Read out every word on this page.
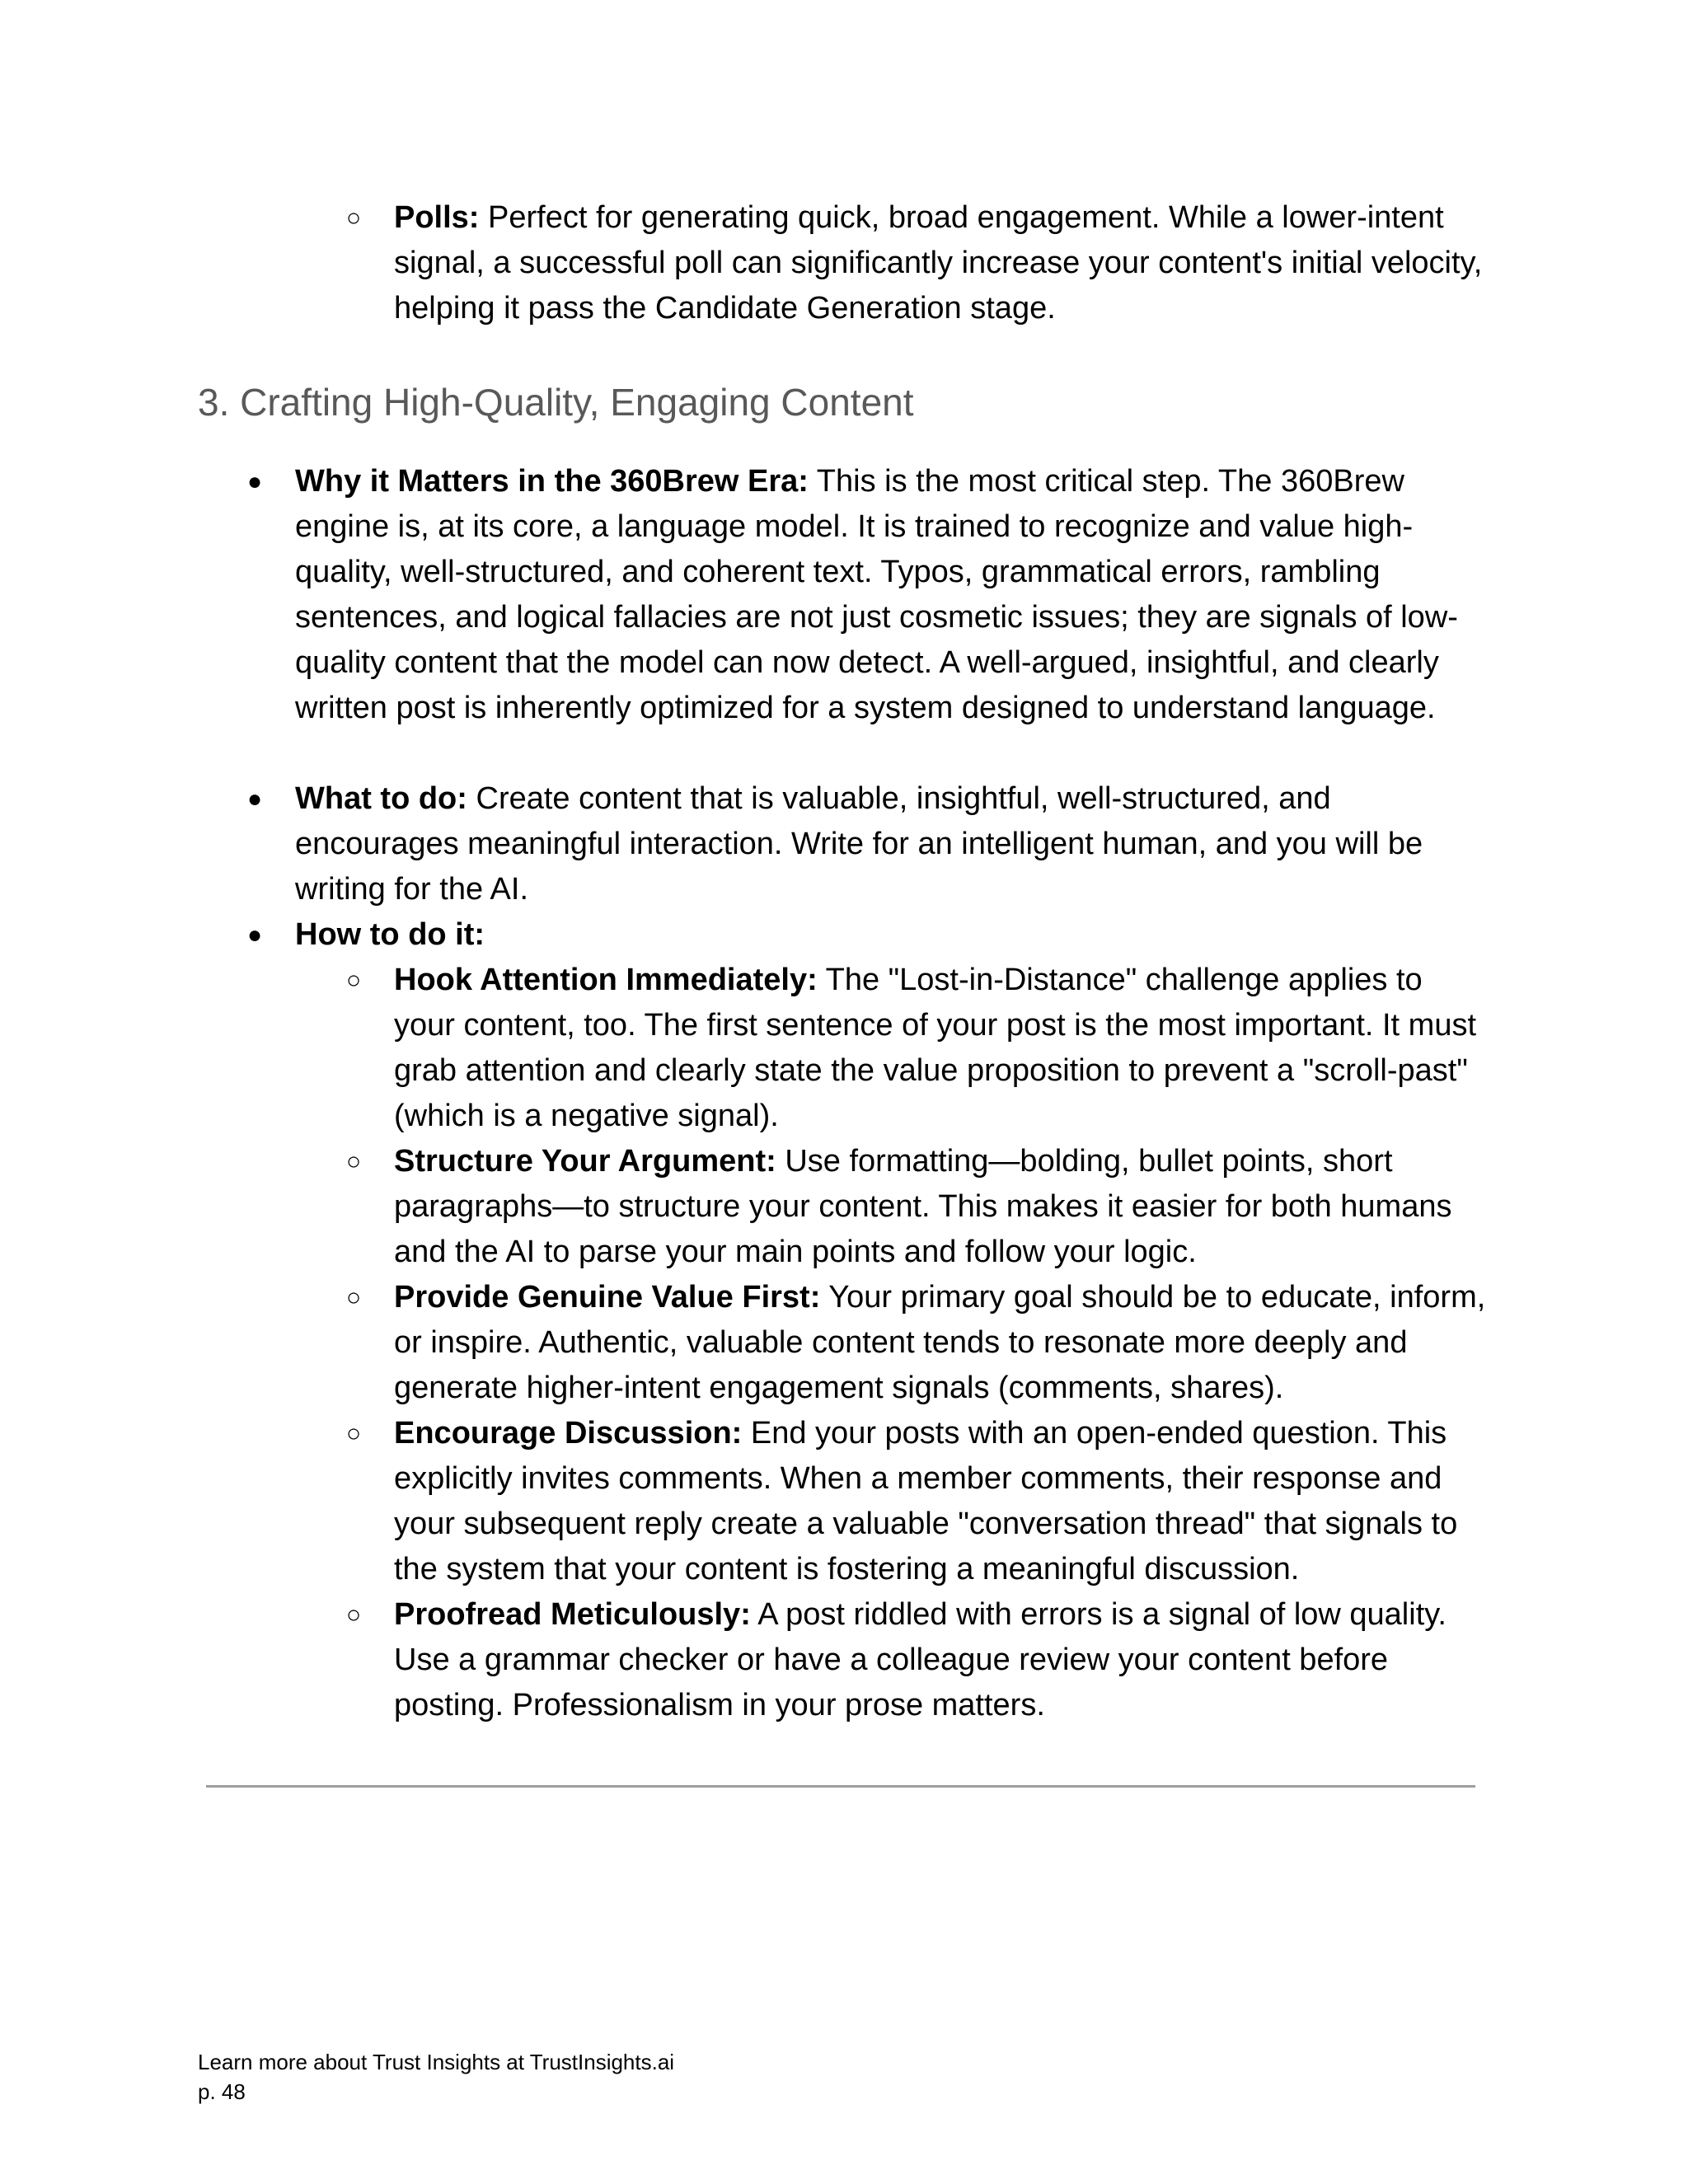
○	Polls: Perfect for generating quick, broad engagement. While a lower-intent signal, a successful poll can significantly increase your content's initial velocity, helping it pass the Candidate Generation stage.

3. Crafting High-Quality, Engaging Content

●	Why it Matters in the 360Brew Era: This is the most critical step. The 360Brew engine is, at its core, a language model. It is trained to recognize and value high-quality, well-structured, and coherent text. Typos, grammatical errors, rambling sentences, and logical fallacies are not just cosmetic issues; they are signals of low-quality content that the model can now detect. A well-argued, insightful, and clearly written post is inherently optimized for a system designed to understand language.

●	What to do: Create content that is valuable, insightful, well-structured, and encourages meaningful interaction. Write for an intelligent human, and you will be writing for the AI.

●	How to do it:

○	Hook Attention Immediately: The "Lost-in-Distance" challenge applies to your content, too. The first sentence of your post is the most important. It must grab attention and clearly state the value proposition to prevent a "scroll-past" (which is a negative signal).

○	Structure Your Argument: Use formatting—bolding, bullet points, short paragraphs—to structure your content. This makes it easier for both humans and the AI to parse your main points and follow your logic.

○	Provide Genuine Value First: Your primary goal should be to educate, inform, or inspire. Authentic, valuable content tends to resonate more deeply and generate higher-intent engagement signals (comments, shares).

○	Encourage Discussion: End your posts with an open-ended question. This explicitly invites comments. When a member comments, their response and your subsequent reply create a valuable "conversation thread" that signals to the system that your content is fostering a meaningful discussion.

○	Proofread Meticulously: A post riddled with errors is a signal of low quality. Use a grammar checker or have a colleague review your content before posting. Professionalism in your prose matters.

Learn more about Trust Insights at TrustInsights.ai

p. 48
